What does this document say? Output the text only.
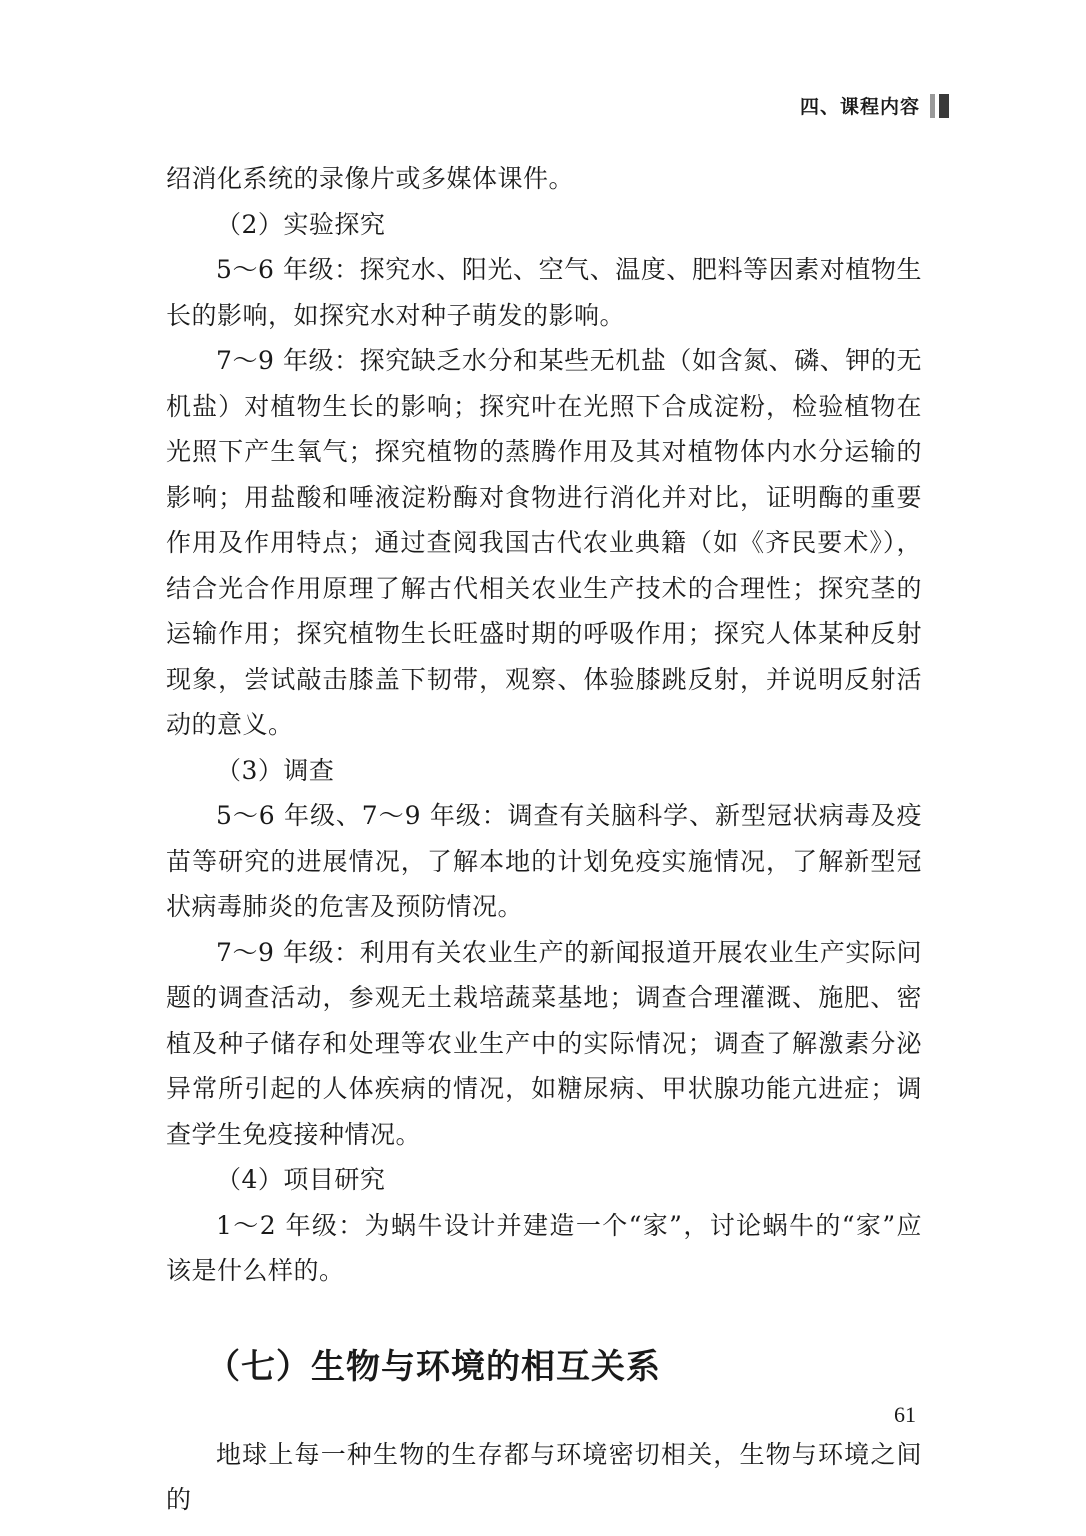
四、课程内容

绍消化系统的录像片或多媒体课件。

（2）实验探究

5～6 年级：探究水、阳光、空气、温度、肥料等因素对植物生长的影响，如探究水对种子萌发的影响。

7～9 年级：探究缺乏水分和某些无机盐（如含氮、磷、钾的无机盐）对植物生长的影响；探究叶在光照下合成淀粉，检验植物在光照下产生氧气；探究植物的蒸腾作用及其对植物体内水分运输的影响；用盐酸和唾液淀粉酶对食物进行消化并对比，证明酶的重要作用及作用特点；通过查阅我国古代农业典籍（如《齐民要术》），结合光合作用原理了解古代相关农业生产技术的合理性；探究茎的运输作用；探究植物生长旺盛时期的呼吸作用；探究人体某种反射现象，尝试敲击膝盖下韧带，观察、体验膝跳反射，并说明反射活动的意义。

（3）调查

5～6 年级、7～9 年级：调查有关脑科学、新型冠状病毒及疫苗等研究的进展情况，了解本地的计划免疫实施情况，了解新型冠状病毒肺炎的危害及预防情况。

7～9 年级：利用有关农业生产的新闻报道开展农业生产实际问题的调查活动，参观无土栽培蔬菜基地；调查合理灌溉、施肥、密植及种子储存和处理等农业生产中的实际情况；调查了解激素分泌异常所引起的人体疾病的情况，如糖尿病、甲状腺功能亢进症；调查学生免疫接种情况。

（4）项目研究

1～2 年级：为蜗牛设计并建造一个“家”，讨论蜗牛的“家”应该是什么样的。

（七）生物与环境的相互关系

地球上每一种生物的生存都与环境密切相关，生物与环境之间的

61
